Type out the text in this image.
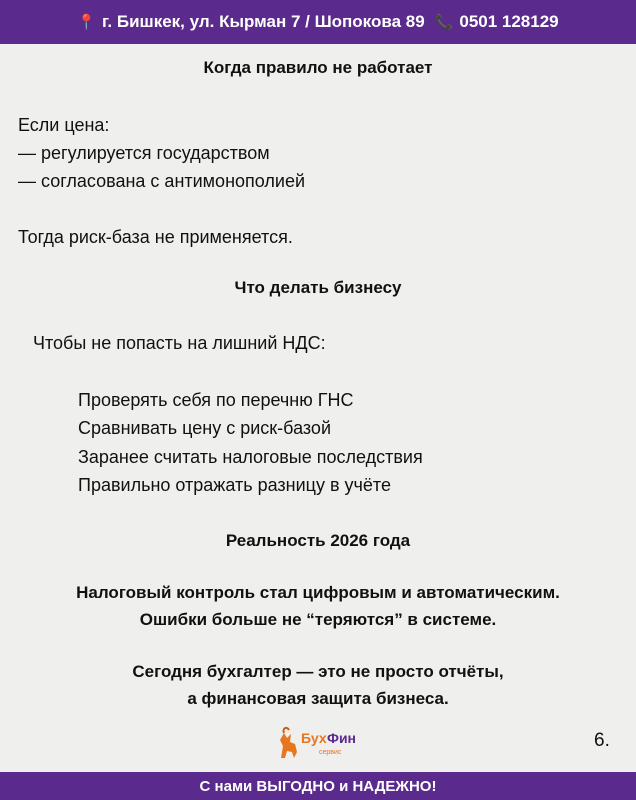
📍 г. Бишкек, ул. Кырман 7 / Шопокова 89 📞 0501 128129
Когда правило не работает
Если цена:
— регулируется государством
— согласована с антимонополией
Тогда риск-база не применяется.
Что делать бизнесу
Чтобы не попасть на лишний НДС:
Проверять себя по перечню ГНС
Сравнивать цену с риск-базой
Заранее считать налоговые последствия
Правильно отражать разницу в учёте
Реальность 2026 года
Налоговый контроль стал цифровым и автоматическим.
Ошибки больше не “теряются” в системе.
Сегодня бухгалтер — это не просто отчёты,
а финансовая защита бизнеса.
Бух Фин
сервис
6.
С нами ВЫГОДНО и НАДЕЖНО!
